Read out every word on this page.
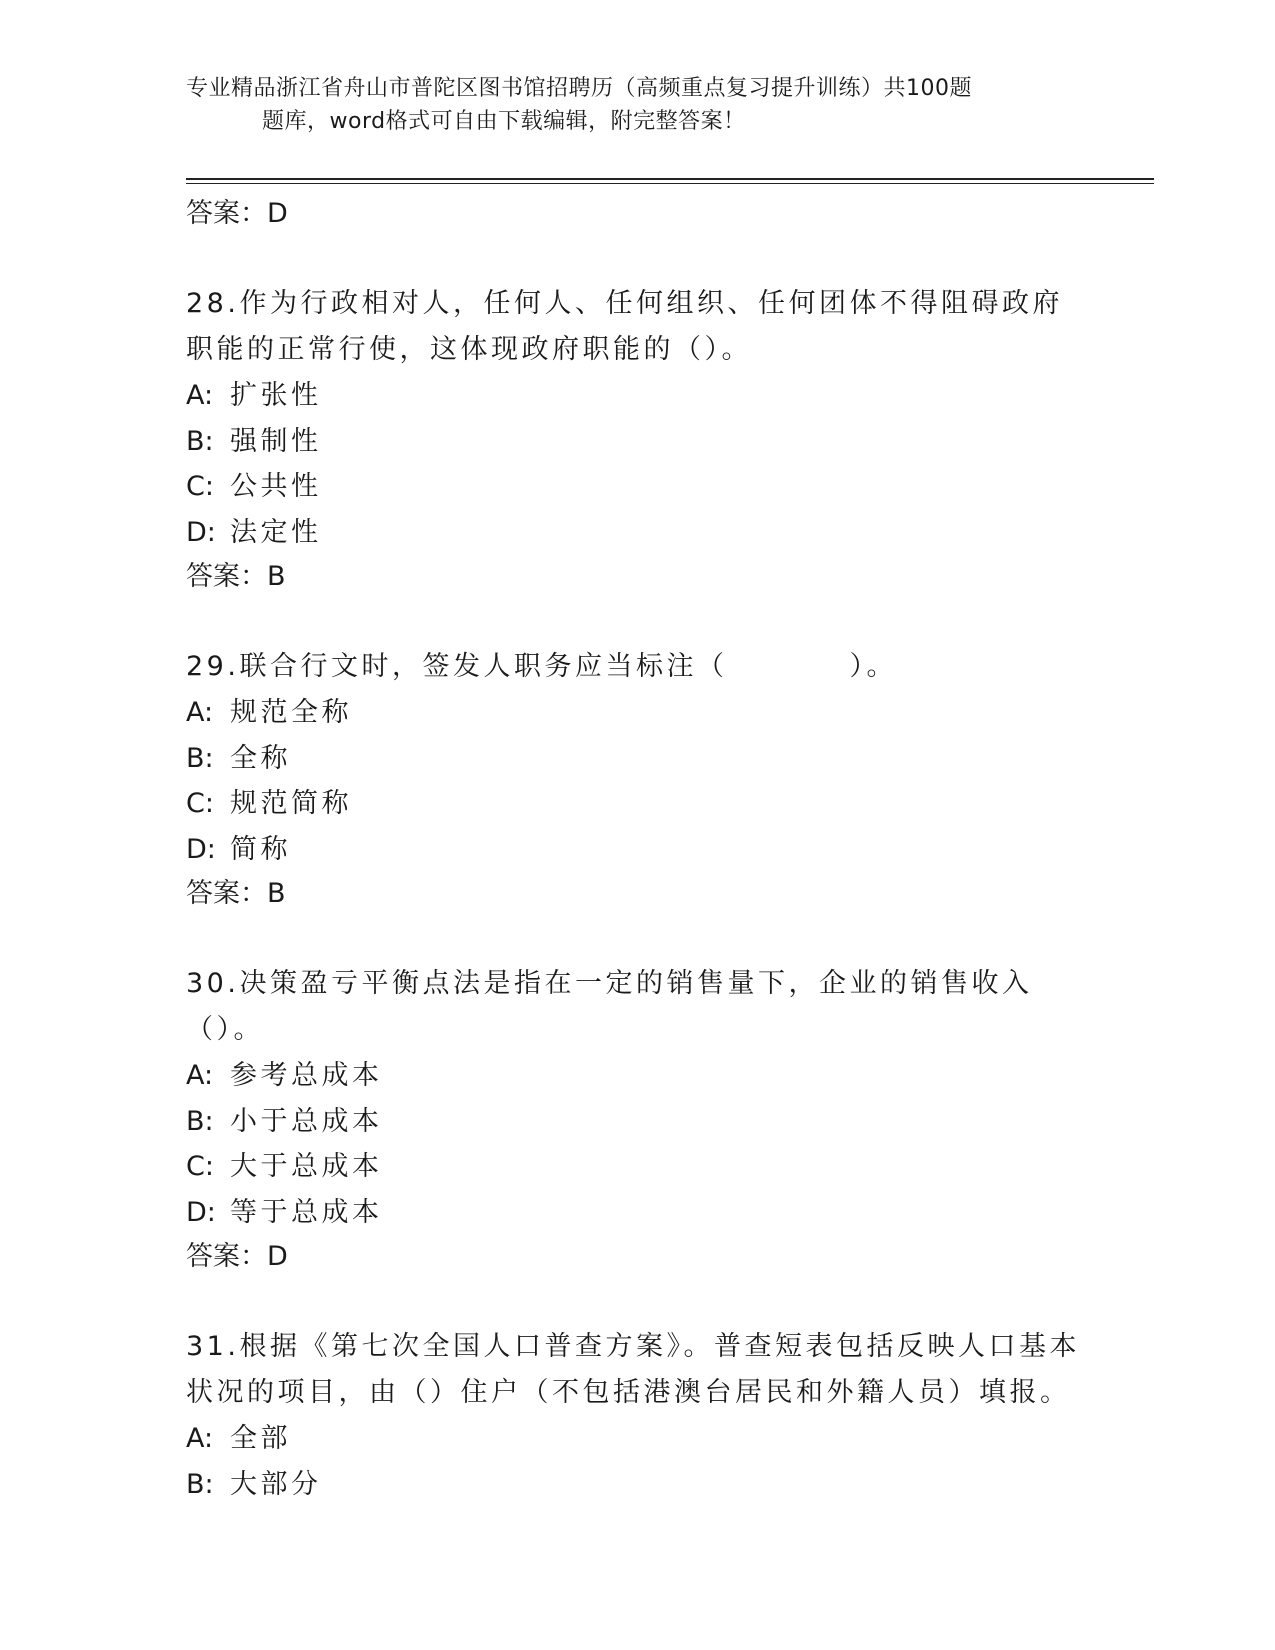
专业精品浙江省舟山市普陀区图书馆招聘历（高频重点复习提升训练）共100题
题库，word格式可自由下载编辑，附完整答案！
答案：D
28.作为行政相对人，任何人、任何组织、任何团体不得阻碍政府职能的正常行使，这体现政府职能的（）。
A: 扩张性
B: 强制性
C: 公共性
D: 法定性
答案：B
29.联合行文时，签发人职务应当标注（　　　　）。
A: 规范全称
B: 全称
C: 规范简称
D: 简称
答案：B
30.决策盈亏平衡点法是指在一定的销售量下，企业的销售收入（）。
A: 参考总成本
B: 小于总成本
C: 大于总成本
D: 等于总成本
答案：D
31.根据《第七次全国人口普查方案》。普查短表包括反映人口基本状况的项目，由（）住户（不包括港澳台居民和外籍人员）填报。
A: 全部
B: 大部分
